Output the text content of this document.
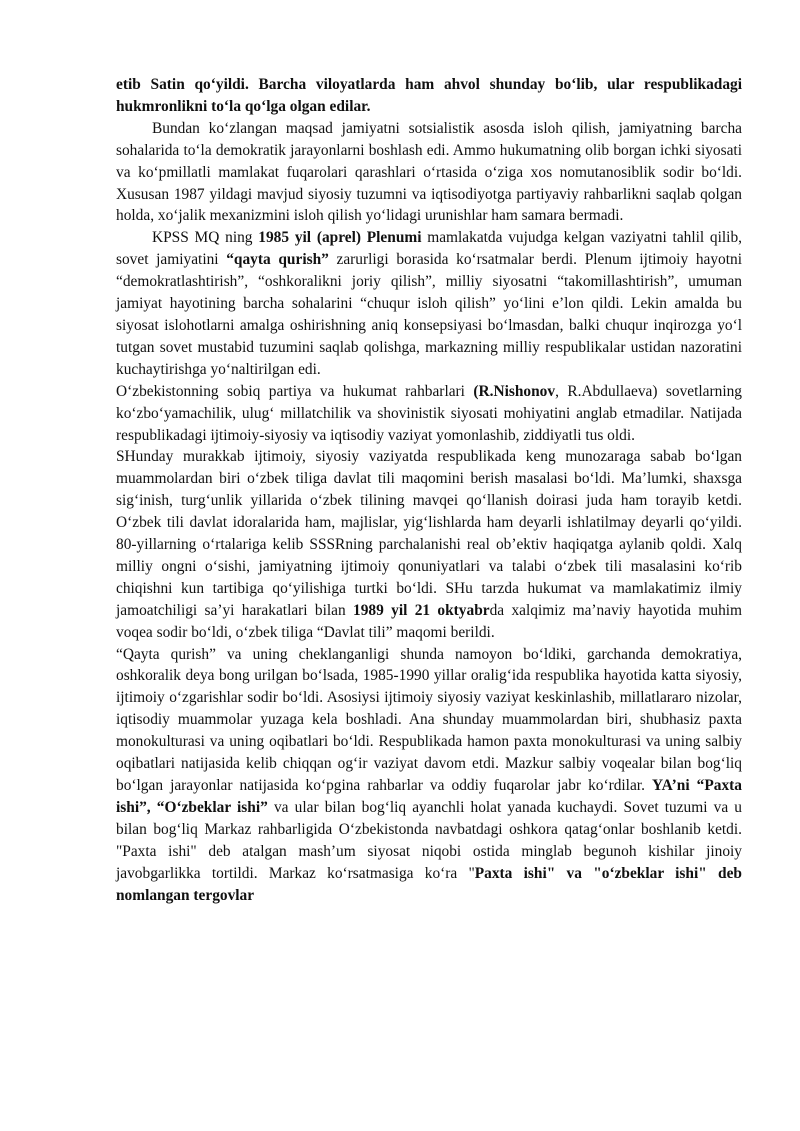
etib Satin qo‘yildi. Barcha viloyatlarda ham ahvol shunday bo‘lib, ular respublikadagi hukmronlikni to‘la qo‘lga olgan edilar.

Bundan ko‘zlangan maqsad jamiyatni sotsialistik asosda isloh qilish, jamiyatning barcha sohalarida to‘la demokratik jarayonlarni boshlash edi. Ammo hukumatning olib borgan ichki siyosati va ko‘pmillatli mamlakat fuqarolari qarashlari o‘rtasida o‘ziga xos nomutanosiblik sodir bo‘ldi. Xususan 1987 yildagi mavjud siyosiy tuzumni va iqtisodiyotga partiyaviy rahbarlikni saqlab qolgan holda, xo‘jalik mexanizmini isloh qilish yo‘lidagi urunishlar ham samara bermadi.

KPSS MQ ning 1985 yil (aprel) Plenumi mamlakatda vujudga kelgan vaziyatni tahlil qilib, sovet jamiyatini “qayta qurish” zarurligi borasida ko‘rsatmalar berdi. Plenum ijtimoiy hayotni “demokratlashtirish”, “oshkoralikni joriy qilish”, milliy siyosatni “takomillashtirish”, umuman jamiyat hayotining barcha sohalarini “chuqur isloh qilish” yo‘lini e’lon qildi. Lekin amalda bu siyosat islohotlarni amalga oshirishning aniq konsepsiyasi bo‘lmasdan, balki chuqur inqirozga yo‘l tutgan sovet mustabid tuzumini saqlab qolishga, markazning milliy respublikalar ustidan nazoratini kuchaytirishga yo‘naltirilgan edi.

O‘zbekistonning sobiq partiya va hukumat rahbarlari (R.Nishonov, R.Abdullaeva) sovetlarning ko‘zbo‘yamachilik, ulug‘ millatchilik va shovinistik siyosati mohiyatini anglab etmadilar. Natijada respublikadagi ijtimoiy-siyosiy va iqtisodiy vaziyat yomonlashib, ziddiyatli tus oldi.

SHunday murakkab ijtimoiy, siyosiy vaziyatda respublikada keng munozaraga sabab bo‘lgan muammolardan biri o‘zbek tiliga davlat tili maqomini berish masalasi bo‘ldi. Ma’lumki, shaxsga sig‘inish, turg‘unlik yillarida o‘zbek tilining mavqei qo‘llanish doirasi juda ham torayib ketdi. O‘zbek tili davlat idoralarida ham, majlislar, yig‘lishlarda ham deyarli ishlatilmay deyarli qo‘yildi. 80-yillarning o‘rtalariga kelib SSSRning parchalanishi real ob’ektiv haqiqatga aylanib qoldi. Xalq milliy ongni o‘sishi, jamiyatning ijtimoiy qonuniyatlari va talabi o‘zbek tili masalasini ko‘rib chiqishni kun tartibiga qo‘yilishiga turtki bo‘ldi. SHu tarzda hukumat va mamlakatimiz ilmiy jamoatchiligi sa’yi harakatlari bilan 1989 yil 21 oktyabrda xalqimiz ma’naviy hayotida muhim voqea sodir bo‘ldi, o‘zbek tiliga “Davlat tili” maqomi berildi.

“Qayta qurish” va uning cheklanganligi shunda namoyon bo‘ldiki, garchanda demokratiya, oshkoralik deya bong urilgan bo‘lsada, 1985-1990 yillar oralig‘ida respublika hayotida katta siyosiy, ijtimoiy o‘zgarishlar sodir bo‘ldi. Asosiysi ijtimoiy siyosiy vaziyat keskinlashib, millatlararo nizolar, iqtisodiy muammolar yuzaga kela boshladi. Ana shunday muammolardan biri, shubhasiz paxta monokulturasi va uning oqibatlari bo‘ldi. Respublikada hamon paxta monokulturasi va uning salbiy oqibatlari natijasida kelib chiqqan og‘ir vaziyat davom etdi. Mazkur salbiy voqealar bilan bog‘liq bo‘lgan jarayonlar natijasida ko‘pgina rahbarlar va oddiy fuqarolar jabr ko‘rdilar. YA’ni “Paxta ishi”, “O‘zbeklar ishi” va ular bilan bog‘liq ayanchli holat yanada kuchaydi. Sovet tuzumi va u bilan bog‘liq Markaz rahbarligida O‘zbekistonda navbatdagi oshkora qatag‘onlar boshlanib ketdi. "Paxta ishi" deb atalgan mash’um siyosat niqobi ostida minglab begunoh kishilar jinoiy javobgarlikka tortildi. Markaz ko‘rsatmasiga ko‘ra "Paxta ishi" va "o‘zbeklar ishi" deb nomlangan tergovlar
